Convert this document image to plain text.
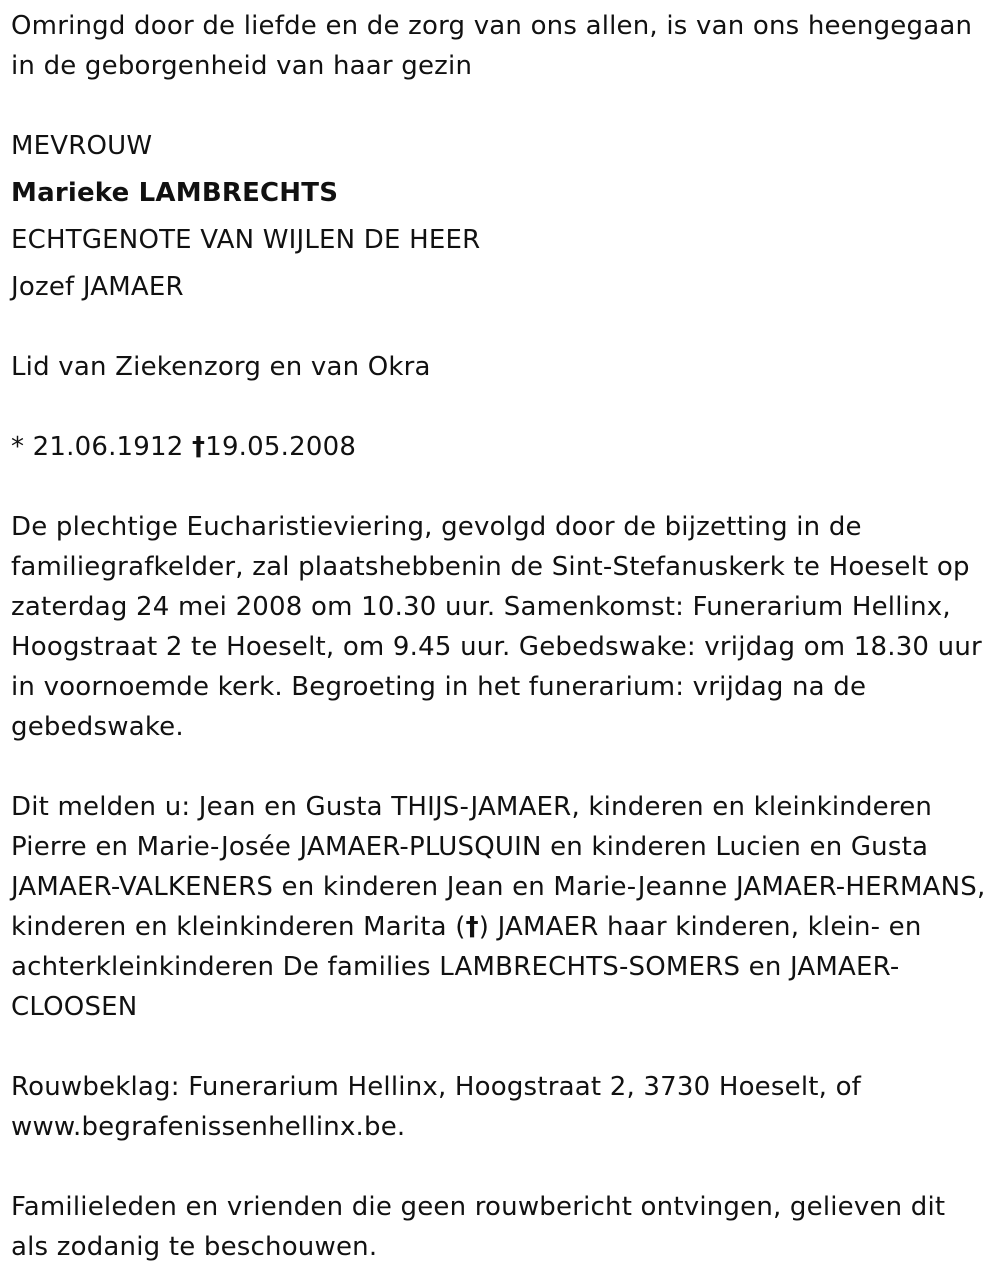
Omringd door de liefde en de zorg van ons allen, is van ons heengegaan
in de geborgenheid van haar gezin
MEVROUW
Marieke LAMBRECHTS
ECHTGENOTE VAN WIJLEN DE HEER
Jozef JAMAER
Lid van Ziekenzorg en van Okra
* 21.06.1912 †19.05.2008
De plechtige Eucharistieviering, gevolgd door de bijzetting in de
familiegrafkelder, zal plaatshebbenin de Sint-Stefanuskerk te Hoeselt op
zaterdag 24 mei 2008 om 10.30 uur. Samenkomst: Funerarium Hellinx,
Hoogstraat 2 te Hoeselt, om 9.45 uur. Gebedswake: vrijdag om 18.30 uur
in voornoemde kerk. Begroeting in het funerarium: vrijdag na de
gebedswake.
Dit melden u: Jean en Gusta THIJS-JAMAER, kinderen en kleinkinderen
Pierre en Marie-Josée JAMAER-PLUSQUIN en kinderen Lucien en Gusta
JAMAER-VALKENERS en kinderen Jean en Marie-Jeanne JAMAER-HERMANS,
kinderen en kleinkinderen Marita (†) JAMAER haar kinderen, klein- en
achterkleinkinderen De families LAMBRECHTS-SOMERS en JAMAER-
CLOOSEN
Rouwbeklag: Funerarium Hellinx, Hoogstraat 2, 3730 Hoeselt, of
www.begrafenissenhellinx.be.
Familieleden en vrienden die geen rouwbericht ontvingen, gelieven dit
als zodanig te beschouwen.
